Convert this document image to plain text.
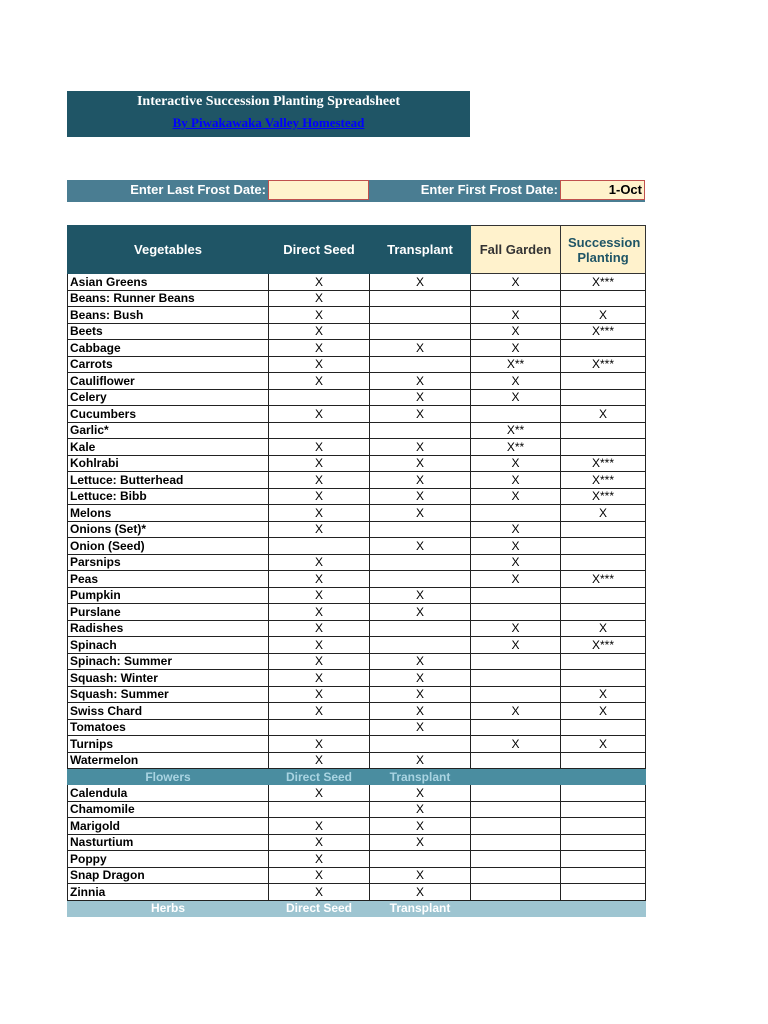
Interactive Succession Planting Spreadsheet
By Piwakawaka Valley Homestead
Enter Last Frost Date:	Enter First Frost Date:	1-Oct
Vegetables	Direct Seed	Transplant	Fall Garden	Succession Planting
Asian Greens	X	X	X	X***
Beans: Runner Beans	X			
Beans: Bush	X		X	X
Beets	X		X	X***
Cabbage	X	X	X	
Carrots	X		X**	X***
Cauliflower	X	X	X	
Celery		X	X	
Cucumbers	X	X		X
Garlic*			X**	
Kale	X	X	X**	
Kohlrabi	X	X	X	X***
Lettuce: Butterhead	X	X	X	X***
Lettuce: Bibb	X	X	X	X***
Melons	X	X		X
Onions (Set)*	X		X	
Onion (Seed)		X	X	
Parsnips	X		X	
Peas	X		X	X***
Pumpkin	X	X		
Purslane	X	X		
Radishes	X		X	X
Spinach	X		X	X***
Spinach: Summer	X	X		
Squash: Winter	X	X		
Squash: Summer	X	X		X
Swiss Chard	X	X	X	X
Tomatoes		X		
Turnips	X		X	X
Watermelon	X	X		
Flowers	Direct Seed	Transplant		
Calendula	X	X		
Chamomile		X		
Marigold	X	X		
Nasturtium	X	X		
Poppy	X			
Snap Dragon	X	X		
Zinnia	X	X		
Herbs	Direct Seed	Transplant		
